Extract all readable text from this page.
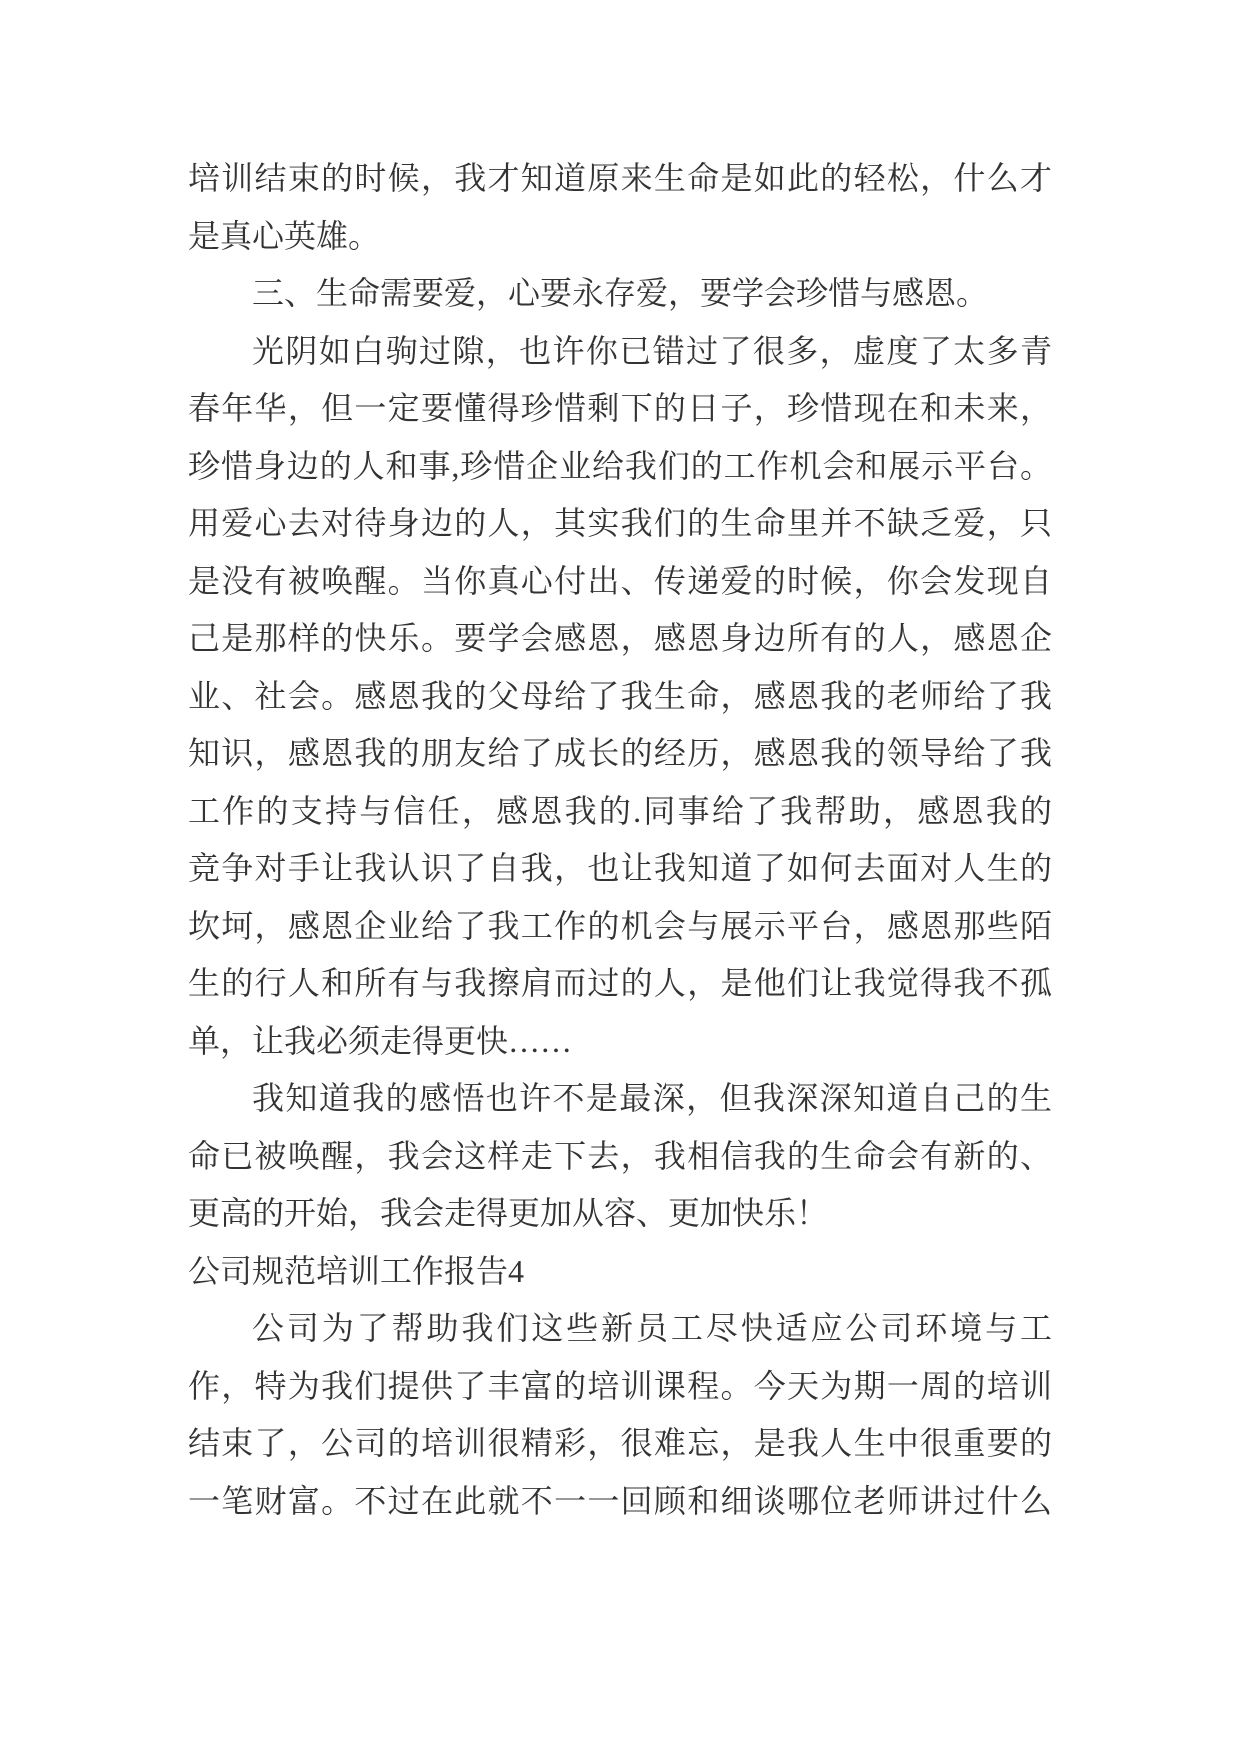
培训结束的时候，我才知道原来生命是如此的轻松，什么才
是真心英雄。
三、生命需要爱，心要永存爱，要学会珍惜与感恩。
光阴如白驹过隙，也许你已错过了很多，虚度了太多青
春年华，但一定要懂得珍惜剩下的日子，珍惜现在和未来，
珍惜身边的人和事,珍惜企业给我们的工作机会和展示平台。
用爱心去对待身边的人，其实我们的生命里并不缺乏爱，只
是没有被唤醒。当你真心付出、传递爱的时候，你会发现自
己是那样的快乐。要学会感恩，感恩身边所有的人，感恩企
业、社会。感恩我的父母给了我生命，感恩我的老师给了我
知识，感恩我的朋友给了成长的经历，感恩我的领导给了我
工作的支持与信任，感恩我的.同事给了我帮助，感恩我的
竞争对手让我认识了自我，也让我知道了如何去面对人生的
坎坷，感恩企业给了我工作的机会与展示平台，感恩那些陌
生的行人和所有与我擦肩而过的人，是他们让我觉得我不孤
单，让我必须走得更快……
我知道我的感悟也许不是最深，但我深深知道自己的生
命已被唤醒，我会这样走下去，我相信我的生命会有新的、
更高的开始，我会走得更加从容、更加快乐！
公司规范培训工作报告4
公司为了帮助我们这些新员工尽快适应公司环境与工
作，特为我们提供了丰富的培训课程。今天为期一周的培训
结束了，公司的培训很精彩，很难忘，是我人生中很重要的
一笔财富。不过在此就不一一回顾和细谈哪位老师讲过什么
